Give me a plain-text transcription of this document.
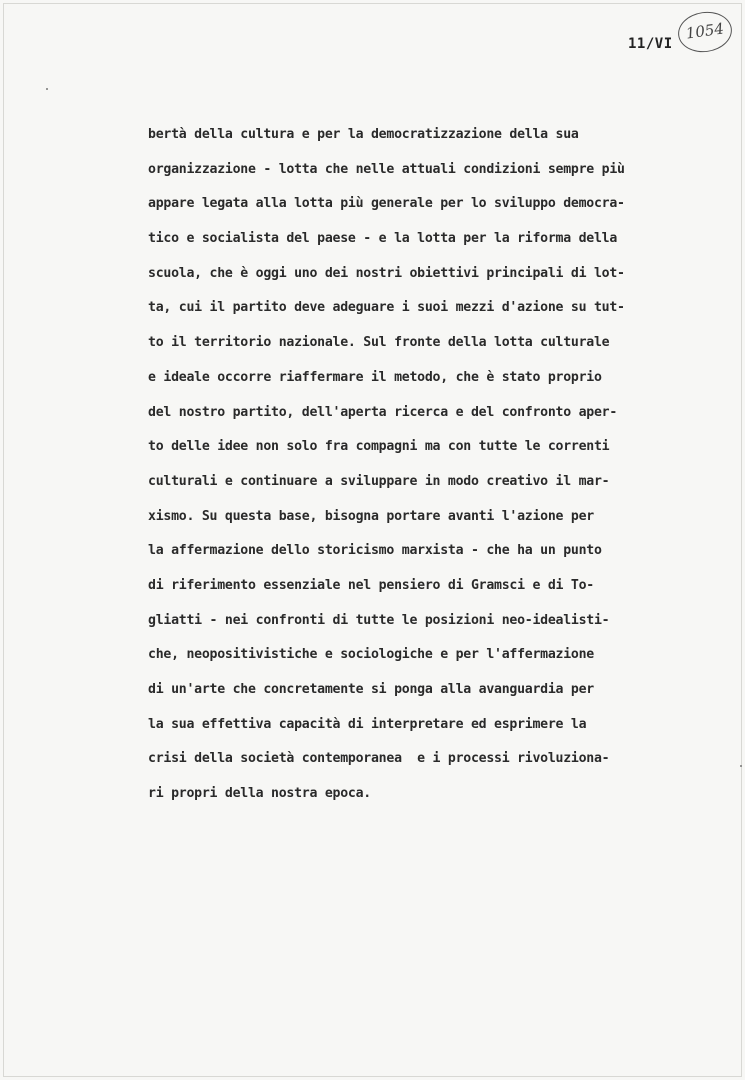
1054
11/VI
bertà della cultura e per la democratizzazione della sua
organizzazione - lotta che nelle attuali condizioni sempre più
appare legata alla lotta più generale per lo sviluppo democra-
tico e socialista del paese - e la lotta per la riforma della
scuola, che è oggi uno dei nostri obiettivi principali di lot-
ta, cui il partito deve adeguare i suoi mezzi d'azione su tut-
to il territorio nazionale. Sul fronte della lotta culturale
e ideale occorre riaffermare il metodo, che è stato proprio
del nostro partito, dell'aperta ricerca e del confronto aper-
to delle idee non solo fra compagni ma con tutte le correnti
culturali e continuare a sviluppare in modo creativo il mar-
xismo. Su questa base, bisogna portare avanti l'azione per
la affermazione dello storicismo marxista - che ha un punto
di riferimento essenziale nel pensiero di Gramsci e di To-
gliatti - nei confronti di tutte le posizioni neo-idealisti-
che, neopositivistiche e sociologiche e per l'affermazione
di un'arte che concretamente si ponga alla avanguardia per
la sua effettiva capacità di interpretare ed esprimere la
crisi della società contemporanea  e i processi rivoluziona-
ri propri della nostra epoca.
